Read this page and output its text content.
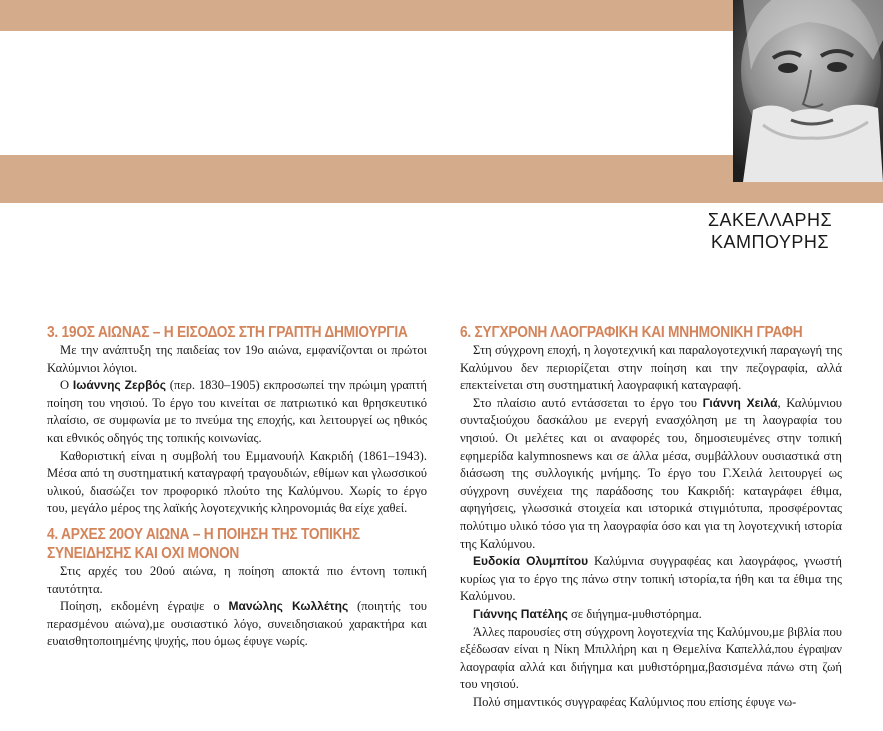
ΣΑΚΕΛΛΑΡΗΣ
ΚΑΜΠΟΥΡΗΣ
3. 19ΟΣ ΑΙΩΝΑΣ – Η ΕΙΣΟΔΟΣ ΣΤΗ ΓΡΑΠΤΗ ΔΗΜΙΟΥΡΓΙΑ

Με την ανάπτυξη της παιδείας τον 19ο αιώνα, εμφανίζονται οι πρώτοι Καλύμνιοι λόγιοι.

Ο Ιωάννης Ζερβός (περ. 1830–1905) εκπροσωπεί την πρώιμη γραπτή ποίηση του νησιού. Το έργο του κινείται σε πατριωτικό και θρησκευτικό πλαίσιο, σε συμφωνία με το πνεύμα της εποχής, και λειτουργεί ως ηθικός και εθνικός οδηγός της τοπικής κοινωνίας.

Καθοριστική είναι η συμβολή του Εμμανουήλ Κακριδή (1861–1943). Μέσα από τη συστηματική καταγραφή τραγουδιών, εθίμων και γλωσσικού υλικού, διασώζει τον προφορικό πλούτο της Καλύμνου. Χωρίς το έργο του, μεγάλο μέρος της λαϊκής λογοτεχνικής κληρονομιάς θα είχε χαθεί.

4. ΑΡΧΕΣ 20ΟΥ ΑΙΩΝΑ – Η ΠΟΙΗΣΗ ΤΗΣ ΤΟΠΙΚΗΣ ΣΥΝΕΙΔΗΣΗΣ ΚΑΙ ΟΧΙ ΜΟΝΟΝ

Στις αρχές του 20ού αιώνα, η ποίηση αποκτά πιο έντονη τοπική ταυτότητα.

Ποίηση, εκδομένη έγραψε ο Μανώλης Κωλλέτης (ποιητής του περασμένου αιώνα),με ουσιαστικό λόγο, συνειδησιακού χαρακτήρα και ευαισθητοποιημένης ψυχής, που όμως έφυγε νωρίς.

6. ΣΥΓΧΡΟΝΗ ΛΑΟΓΡΑΦΙΚΗ ΚΑΙ ΜΝΗΜΟΝΙΚΗ ΓΡΑΦΗ

Στη σύγχρονη εποχή, η λογοτεχνική και παραλογοτεχνική παραγωγή της Καλύμνου δεν περιορίζεται στην ποίηση και την πεζογραφία, αλλά επεκτείνεται στη συστηματική λαογραφική καταγραφή.

Στο πλαίσιο αυτό εντάσσεται το έργο του Γιάννη Χειλά, Καλύμνιου συνταξιούχου δασκάλου με ενεργή ενασχόληση με τη λαογραφία του νησιού. Οι μελέτες και οι αναφορές του, δημοσιευμένες στην τοπική εφημερίδα kalymnosnews και σε άλλα μέσα, συμβάλλουν ουσιαστικά στη διάσωση της συλλογικής μνήμης. Το έργο του Γ.Χειλά λειτουργεί ως σύγχρονη συνέχεια της παράδοσης του Κακριδή: καταγράφει έθιμα, αφηγήσεις, γλωσσικά στοιχεία και ιστορικά στιγμιότυπα, προσφέροντας πολύτιμο υλικό τόσο για τη λαογραφία όσο και για τη λογοτεχνική ιστορία της Καλύμνου.

Ευδοκία Ολυμπίτου Καλύμνια συγγραφέας και λαογράφος, γνωστή κυρίως για το έργο της πάνω στην τοπική ιστορία,τα ήθη και τα έθιμα της Καλύμνου.

Γιάννης Πατέλης σε διήγημα-μυθιστόρημα.

Άλλες παρουσίες στη σύγχρονη λογοτεχνία της Καλύμνου,με βιβλία που εξέδωσαν είναι η Νίκη Μπιλλήρη και η Θεμελίνα Καπελλά,που έγραψαν λαογραφία αλλά και διήγημα και μυθιστόρημα,βασισμένα πάνω στη ζωή του νησιού.

Πολύ σημαντικός συγγραφέας Καλύμνιος που επίσης έφυγε νω-
